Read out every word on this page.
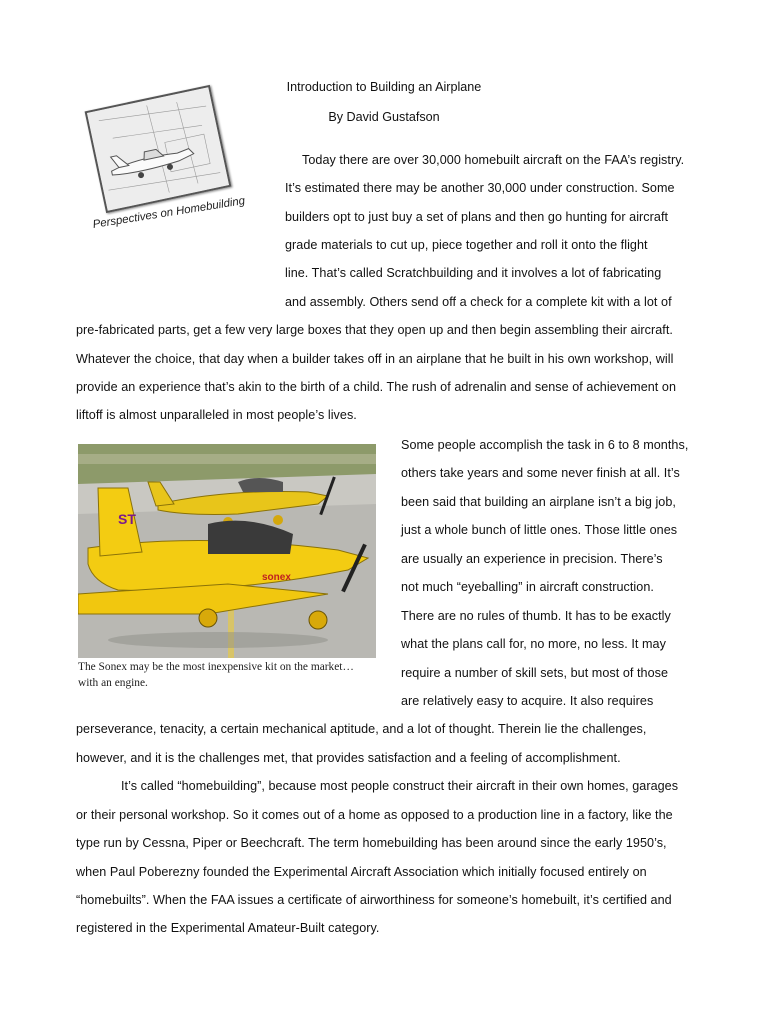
Introduction to Building an Airplane
By David Gustafson
Perspectives on Homebuilding
Today there are over 30,000 homebuilt aircraft on the FAA’s registry.
It’s estimated there may be another 30,000 under construction. Some
builders opt to just buy a set of plans and then go hunting for aircraft
grade materials to cut up, piece together and roll it onto the flight
line. That’s called Scratchbuilding and it involves a lot of fabricating
and assembly. Others send off a check for a complete kit with a lot of
pre-fabricated parts, get a few very large boxes that they open up and then begin assembling their aircraft.
Whatever the choice, that day when a builder takes off in an airplane that he built in his own workshop, will
provide an experience that’s akin to the birth of a child. The rush of adrenalin and sense of achievement on
liftoff is almost unparalleled in most people’s lives.
ST
sonex
The Sonex may be the most inexpensive kit on the market…
with an engine.
Some people accomplish the task in 6 to 8 months,
others take years and some never finish at all. It’s
been said that building an airplane isn’t a big job,
just a whole bunch of little ones. Those little ones
are usually an experience in precision. There’s
not much “eyeballing” in aircraft construction.
There are no rules of thumb. It has to be exactly
what the plans call for, no more, no less. It may
require a number of skill sets, but most of those
are relatively easy to acquire. It also requires
perseverance, tenacity, a certain mechanical aptitude, and a lot of thought. Therein lie the challenges,
however, and it is the challenges met, that provides satisfaction and a feeling of accomplishment.
It’s called “homebuilding”, because most people construct their aircraft in their own homes, garages
or their personal workshop. So it comes out of a home as opposed to a production line in a factory, like the
type run by Cessna, Piper or Beechcraft. The term homebuilding has been around since the early 1950’s,
when Paul Poberezny founded the Experimental Aircraft Association which initially focused entirely on
“homebuilts”. When the FAA issues a certificate of airworthiness for someone’s homebuilt, it’s certified and
registered in the Experimental Amateur-Built category.
